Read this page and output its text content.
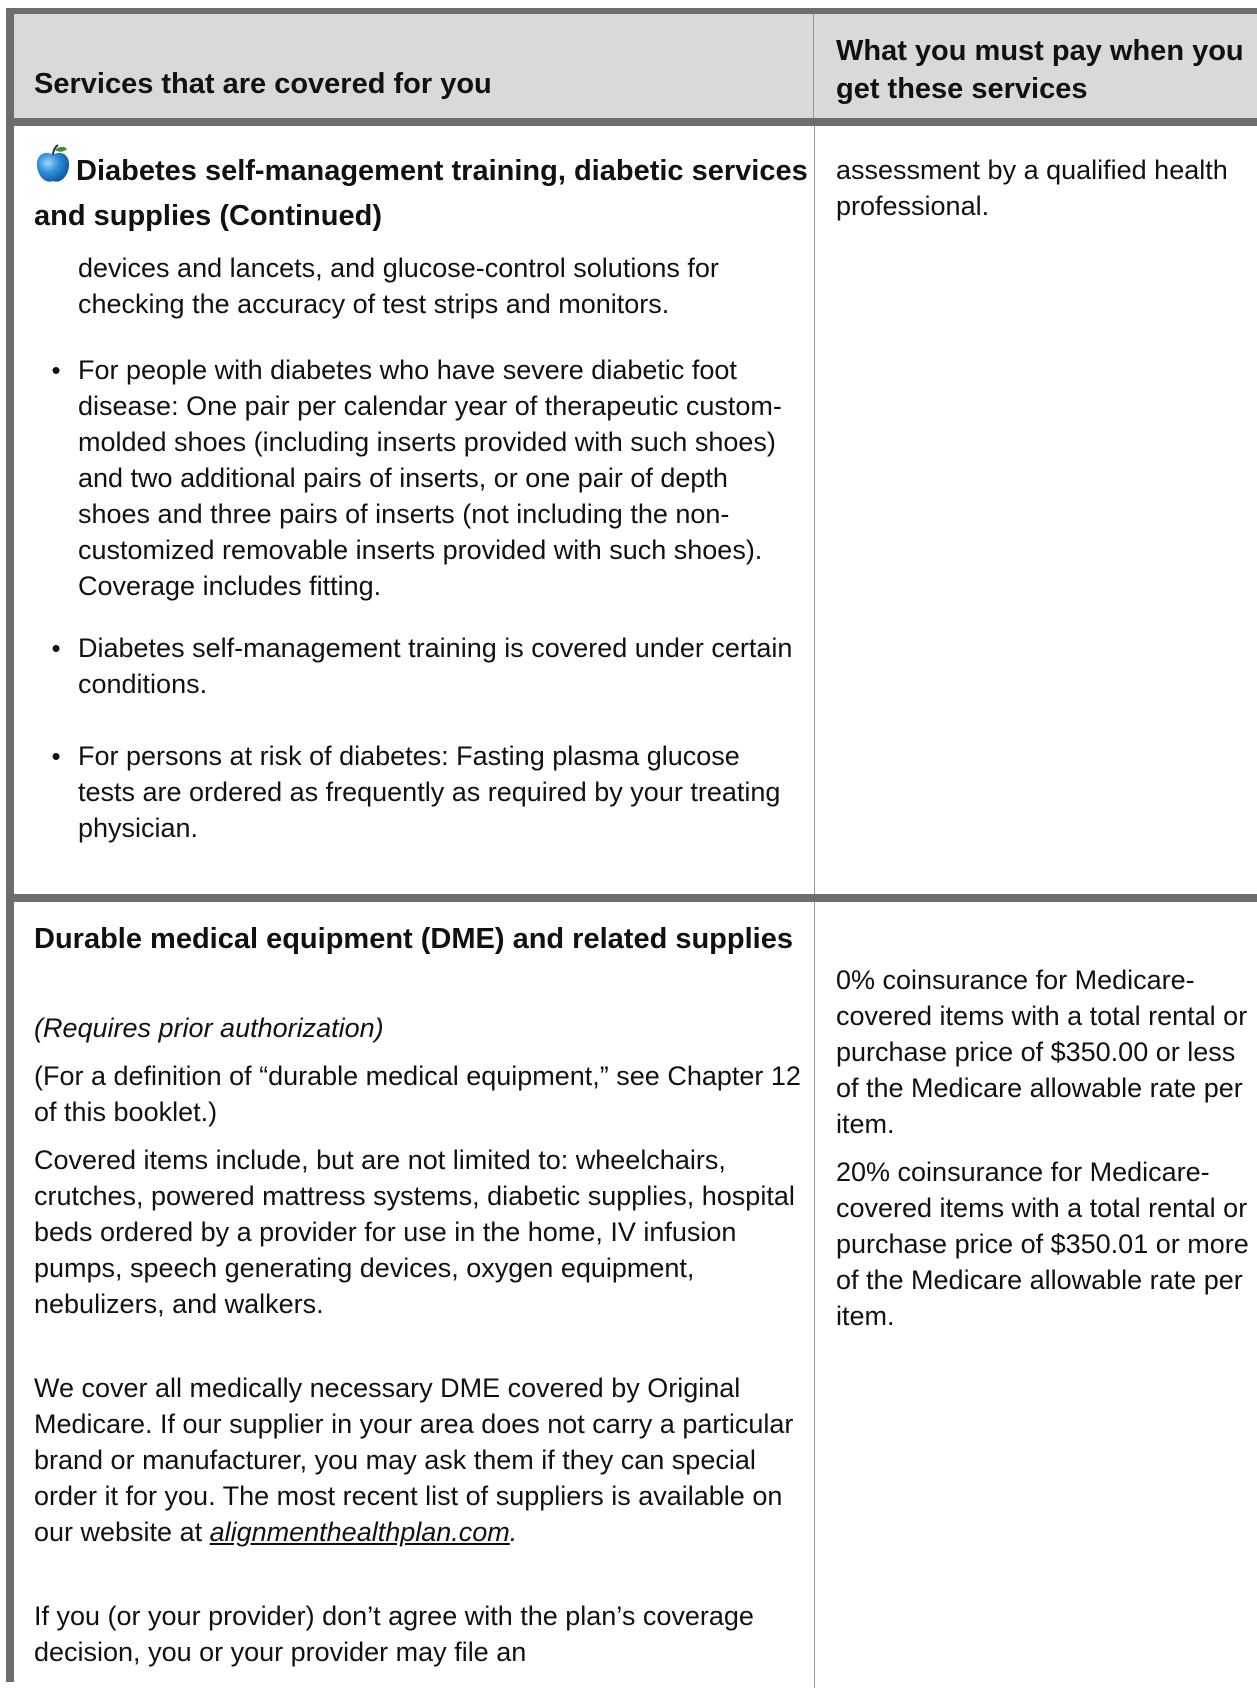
Services that are covered for you
What you must pay when you get these services
Diabetes self-management training, diabetic services and supplies (Continued)
devices and lancets, and glucose-control solutions for checking the accuracy of test strips and monitors.
• For people with diabetes who have severe diabetic foot disease: One pair per calendar year of therapeutic custom-molded shoes (including inserts provided with such shoes) and two additional pairs of inserts, or one pair of depth shoes and three pairs of inserts (not including the non-customized removable inserts provided with such shoes). Coverage includes fitting.
• Diabetes self-management training is covered under certain conditions.
• For persons at risk of diabetes: Fasting plasma glucose tests are ordered as frequently as required by your treating physician.
assessment by a qualified health professional.
Durable medical equipment (DME) and related supplies

(Requires prior authorization)

(For a definition of “durable medical equipment,” see Chapter 12 of this booklet.)

Covered items include, but are not limited to: wheelchairs, crutches, powered mattress systems, diabetic supplies, hospital beds ordered by a provider for use in the home, IV infusion pumps, speech generating devices, oxygen equipment, nebulizers, and walkers.

We cover all medically necessary DME covered by Original Medicare. If our supplier in your area does not carry a particular brand or manufacturer, you may ask them if they can special order it for you. The most recent list of suppliers is available on our website at alignmenthealthplan.com.

If you (or your provider) don’t agree with the plan’s coverage decision, you or your provider may file an

0% coinsurance for Medicare-covered items with a total rental or purchase price of $350.00 or less of the Medicare allowable rate per item.

20% coinsurance for Medicare-covered items with a total rental or purchase price of $350.01 or more of the Medicare allowable rate per item.
